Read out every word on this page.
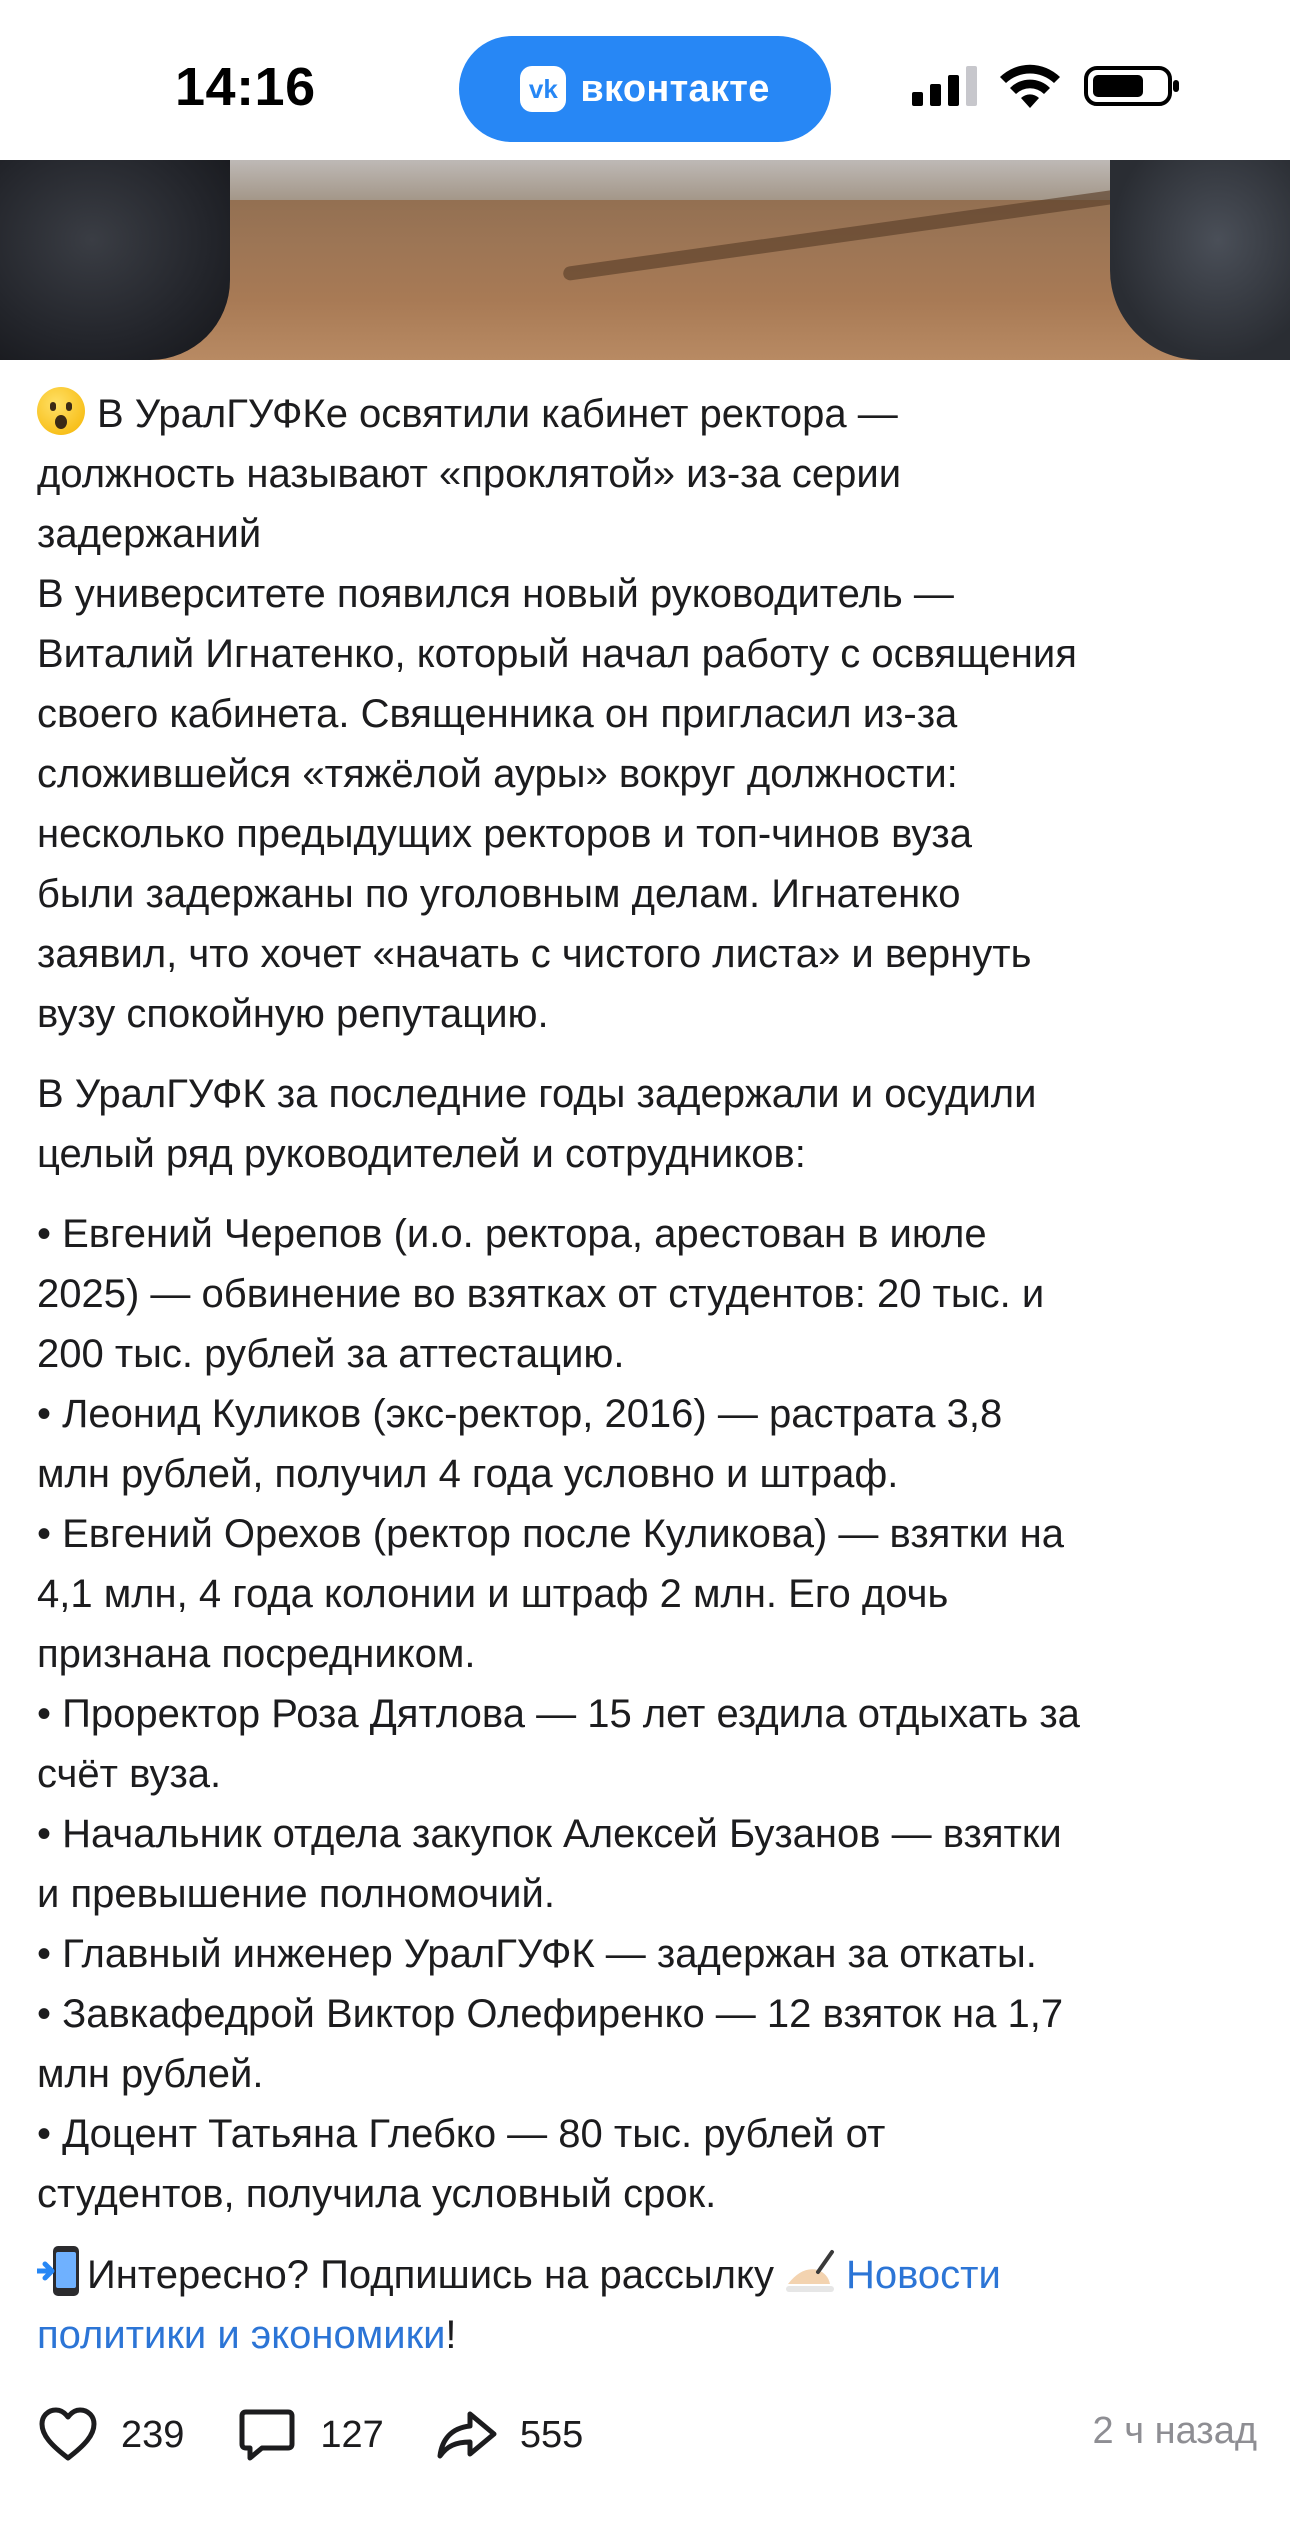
14:16	vk вконтакте

В УралГУФКе освятили кабинет ректора —
должность называют «проклятой» из-за серии
задержаний
В университете появился новый руководитель —
Виталий Игнатенко, который начал работу с освящения
своего кабинета. Священника он пригласил из-за
сложившейся «тяжёлой ауры» вокруг должности:
несколько предыдущих ректоров и топ-чинов вуза
были задержаны по уголовным делам. Игнатенко
заявил, что хочет «начать с чистого листа» и вернуть
вузу спокойную репутацию.

В УралГУФК за последние годы задержали и осудили
целый ряд руководителей и сотрудников:

• Евгений Черепов (и.о. ректора, арестован в июле
2025) — обвинение во взятках от студентов: 20 тыс. и
200 тыс. рублей за аттестацию.
• Леонид Куликов (экс-ректор, 2016) — растрата 3,8
млн рублей, получил 4 года условно и штраф.
• Евгений Орехов (ректор после Куликова) — взятки на
4,1 млн, 4 года колонии и штраф 2 млн. Его дочь
признана посредником.
• Проректор Роза Дятлова — 15 лет ездила отдыхать за
счёт вуза.
• Начальник отдела закупок Алексей Бузанов — взятки
и превышение полномочий.
• Главный инженер УралГУФК — задержан за откаты.
• Завкафедрой Виктор Олефиренко — 12 взяток на 1,7
млн рублей.
• Доцент Татьяна Глебко — 80 тыс. рублей от
студентов, получила условный срок.

Интересно? Подпишись на рассылку Новости
политики и экономики!

239	127	555	2 ч назад
